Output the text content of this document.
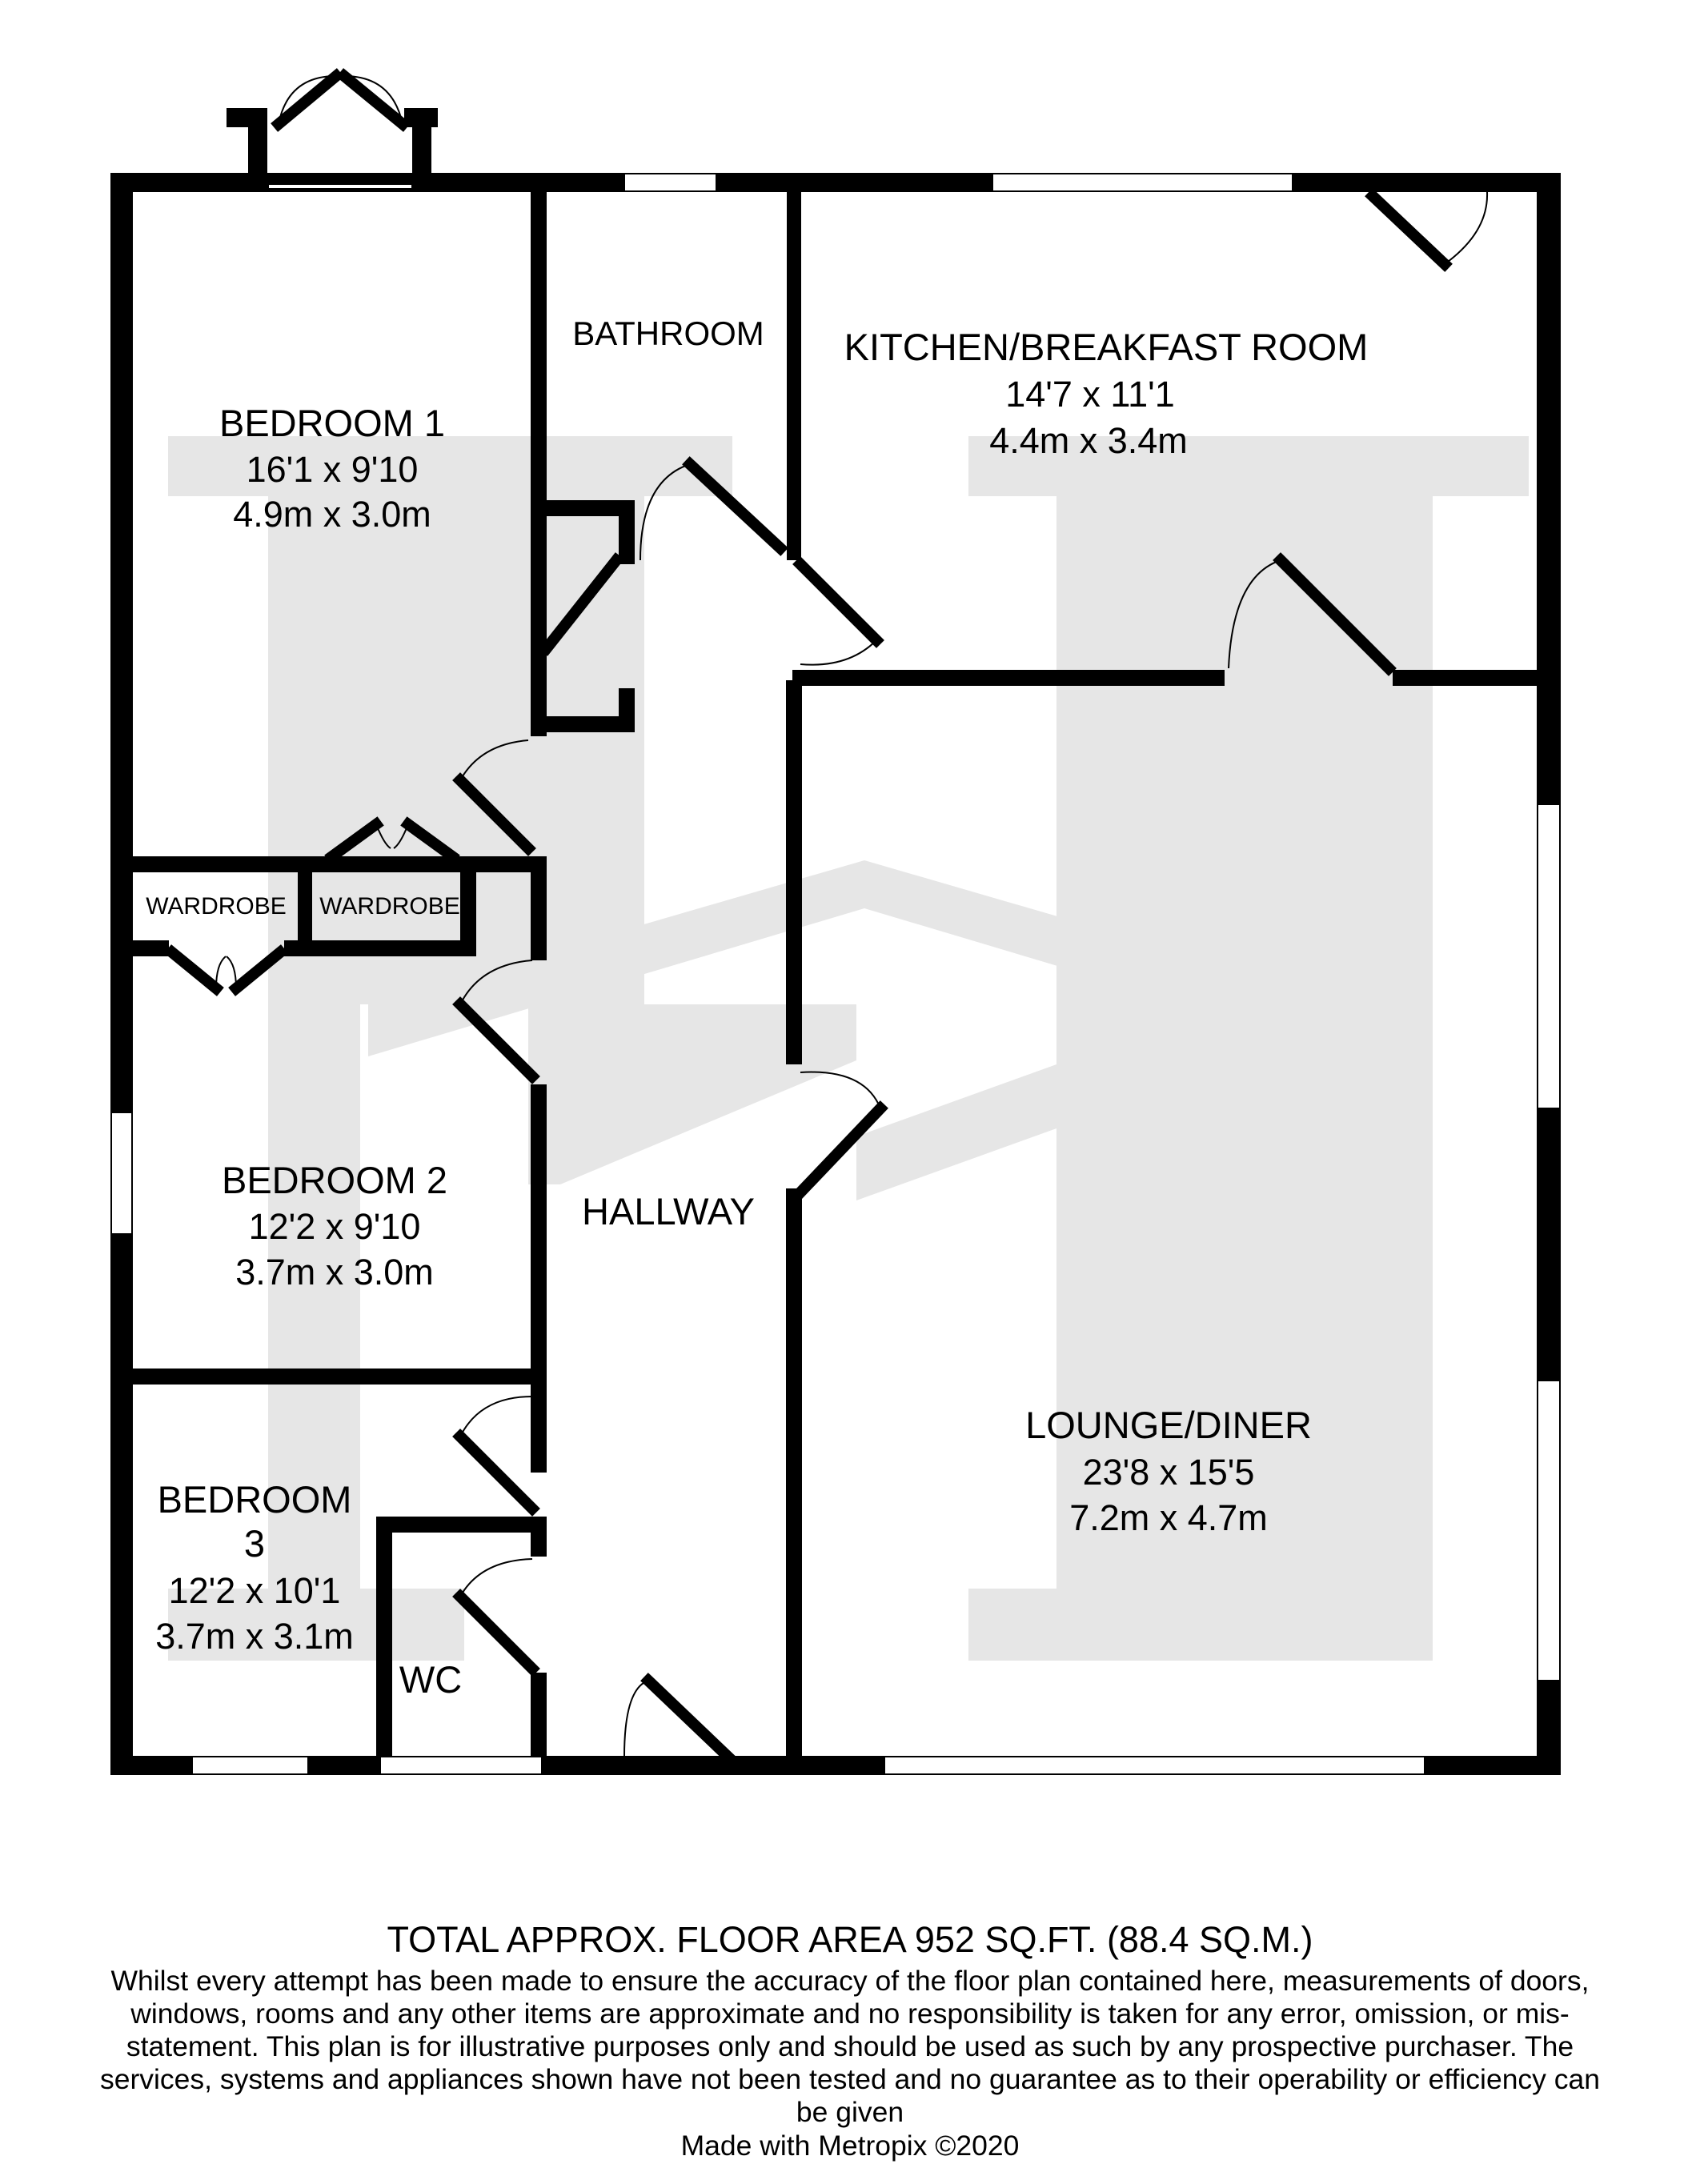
BEDROOM 1
16'1 x 9'10
4.9m x 3.0m
BATHROOM KITCHEN/BREAKFAST ROOM
14'7 x 11'1
4.4m x 3.4m
WARDROBE WARDROBE
BEDROOM 2
12'2 x 9'10
3.7m x 3.0m
HALLWAY
LOUNGE/DINER
23'8 x 15'5
7.2m x 4.7m
BEDROOM
3
12'2 x 10'1
3.7m x 3.1m
WC
TOTAL APPROX. FLOOR AREA 952 SQ.FT. (88.4 SQ.M.)
Whilst every attempt has been made to ensure the accuracy of the floor plan contained here, measurements of doors, windows, rooms and any other items are approximate and no responsibility is taken for any error, omission, or mis-statement. This plan is for illustrative purposes only and should be used as such by any prospective purchaser. The services, systems and appliances shown have not been tested and no guarantee as to their operability or efficiency can be given
Made with Metropix ©2020
